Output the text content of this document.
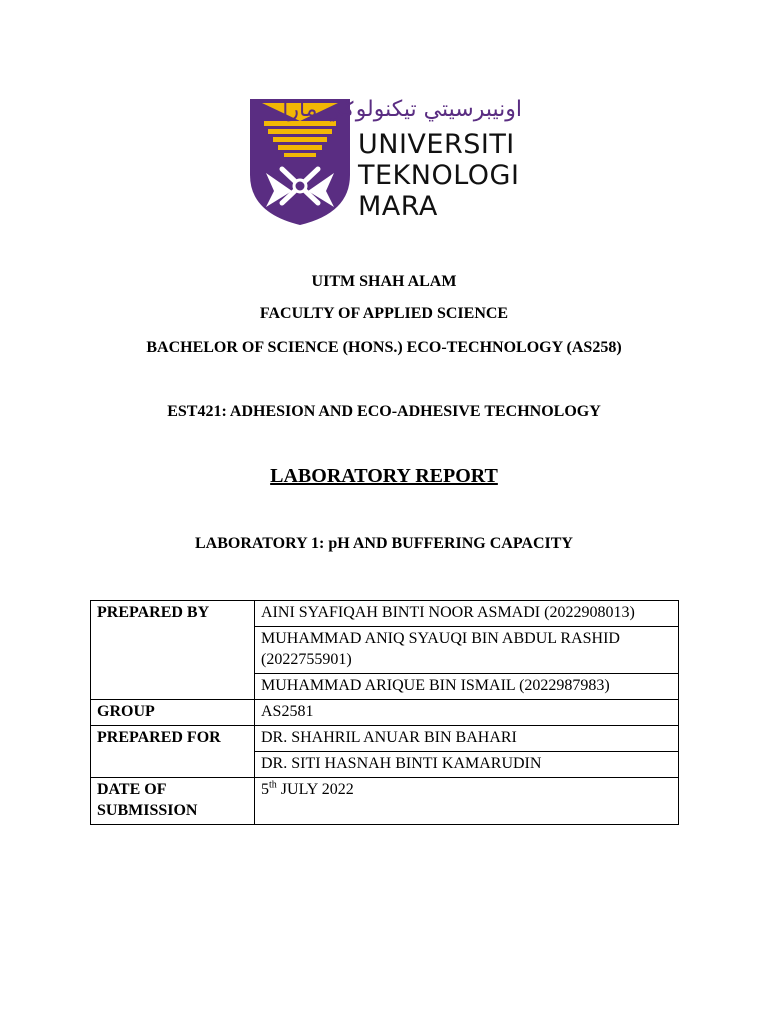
اونيبرسيتي تيكنولوݢي مارا
UNIVERSITI
TEKNOLOGI
MARA
UITM SHAH ALAM
FACULTY OF APPLIED SCIENCE
BACHELOR OF SCIENCE (HONS.) ECO-TECHNOLOGY (AS258)
EST421: ADHESION AND ECO-ADHESIVE TECHNOLOGY
LABORATORY REPORT
LABORATORY 1: pH AND BUFFERING CAPACITY
PREPARED BY	AINI SYAFIQAH BINTI NOOR ASMADI (2022908013)
	MUHAMMAD ANIQ SYAUQI BIN ABDUL RASHID (2022755901)
	MUHAMMAD ARIQUE BIN ISMAIL (2022987983)
GROUP	AS2581
PREPARED FOR	DR. SHAHRIL ANUAR BIN BAHARI
	DR. SITI HASNAH BINTI KAMARUDIN
DATE OF
SUBMISSION	5th JULY 2022
